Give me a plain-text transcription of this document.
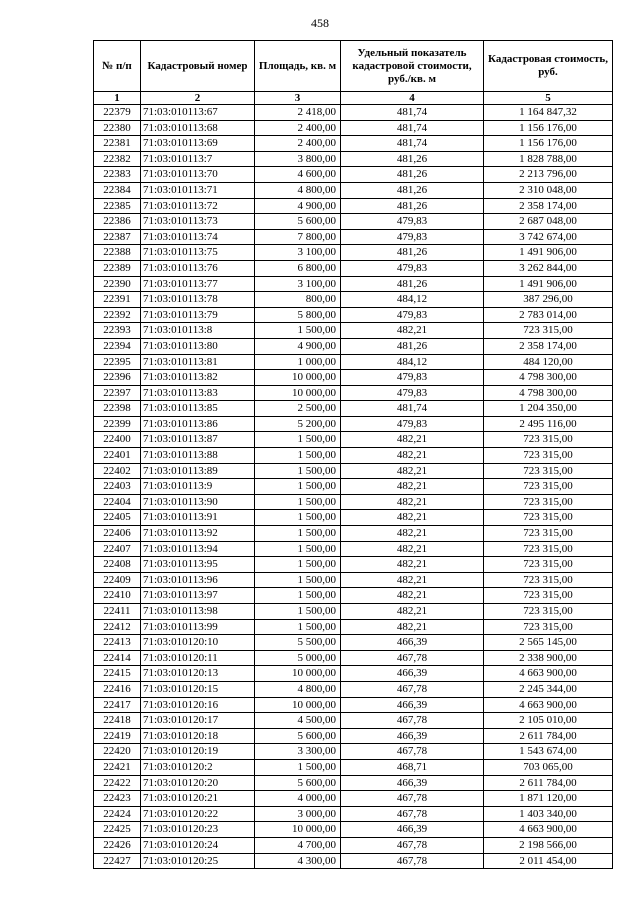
458
№ п/п	Кадастровый номер	Площадь, кв. м	Удельный показатель кадастровой стоимости, руб./кв. м	Кадастровая стоимость, руб.
1	2	3	4	5
22379	71:03:010113:67	2 418,00	481,74	1 164 847,32
22380	71:03:010113:68	2 400,00	481,74	1 156 176,00
22381	71:03:010113:69	2 400,00	481,74	1 156 176,00
22382	71:03:010113:7	3 800,00	481,26	1 828 788,00
22383	71:03:010113:70	4 600,00	481,26	2 213 796,00
22384	71:03:010113:71	4 800,00	481,26	2 310 048,00
22385	71:03:010113:72	4 900,00	481,26	2 358 174,00
22386	71:03:010113:73	5 600,00	479,83	2 687 048,00
22387	71:03:010113:74	7 800,00	479,83	3 742 674,00
22388	71:03:010113:75	3 100,00	481,26	1 491 906,00
22389	71:03:010113:76	6 800,00	479,83	3 262 844,00
22390	71:03:010113:77	3 100,00	481,26	1 491 906,00
22391	71:03:010113:78	800,00	484,12	387 296,00
22392	71:03:010113:79	5 800,00	479,83	2 783 014,00
22393	71:03:010113:8	1 500,00	482,21	723 315,00
22394	71:03:010113:80	4 900,00	481,26	2 358 174,00
22395	71:03:010113:81	1 000,00	484,12	484 120,00
22396	71:03:010113:82	10 000,00	479,83	4 798 300,00
22397	71:03:010113:83	10 000,00	479,83	4 798 300,00
22398	71:03:010113:85	2 500,00	481,74	1 204 350,00
22399	71:03:010113:86	5 200,00	479,83	2 495 116,00
22400	71:03:010113:87	1 500,00	482,21	723 315,00
22401	71:03:010113:88	1 500,00	482,21	723 315,00
22402	71:03:010113:89	1 500,00	482,21	723 315,00
22403	71:03:010113:9	1 500,00	482,21	723 315,00
22404	71:03:010113:90	1 500,00	482,21	723 315,00
22405	71:03:010113:91	1 500,00	482,21	723 315,00
22406	71:03:010113:92	1 500,00	482,21	723 315,00
22407	71:03:010113:94	1 500,00	482,21	723 315,00
22408	71:03:010113:95	1 500,00	482,21	723 315,00
22409	71:03:010113:96	1 500,00	482,21	723 315,00
22410	71:03:010113:97	1 500,00	482,21	723 315,00
22411	71:03:010113:98	1 500,00	482,21	723 315,00
22412	71:03:010113:99	1 500,00	482,21	723 315,00
22413	71:03:010120:10	5 500,00	466,39	2 565 145,00
22414	71:03:010120:11	5 000,00	467,78	2 338 900,00
22415	71:03:010120:13	10 000,00	466,39	4 663 900,00
22416	71:03:010120:15	4 800,00	467,78	2 245 344,00
22417	71:03:010120:16	10 000,00	466,39	4 663 900,00
22418	71:03:010120:17	4 500,00	467,78	2 105 010,00
22419	71:03:010120:18	5 600,00	466,39	2 611 784,00
22420	71:03:010120:19	3 300,00	467,78	1 543 674,00
22421	71:03:010120:2	1 500,00	468,71	703 065,00
22422	71:03:010120:20	5 600,00	466,39	2 611 784,00
22423	71:03:010120:21	4 000,00	467,78	1 871 120,00
22424	71:03:010120:22	3 000,00	467,78	1 403 340,00
22425	71:03:010120:23	10 000,00	466,39	4 663 900,00
22426	71:03:010120:24	4 700,00	467,78	2 198 566,00
22427	71:03:010120:25	4 300,00	467,78	2 011 454,00
